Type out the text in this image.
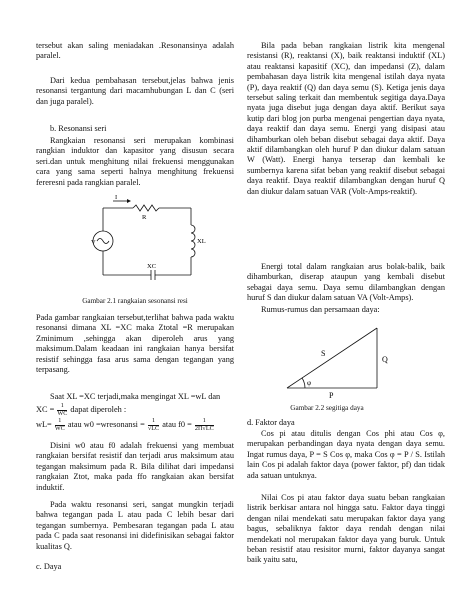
tersebut akan saling meniadakan .Resonansinya adalah paralel.

Dari kedua pembahasan tersebut,jelas bahwa jenis resonansi tergantung dari macamhubungan L dan C (seri dan juga paralel).

b. Resonansi seri

Rangkaian resonansi seri merupakan kombinasi rangkian induktor dan kapasitor yang disusun secara seri.dan untuk menghitung nilai frekuensi menggunakan cara yang sama seperti halnya menghitung frekuensi fereresni pada rangkian paralel.

I
R
V	XL
XC
Gambar 2.1 rangkaian sesonansi resi

Pada gambar rangkaian tersebut,terlihat bahwa pada waktu resonansi dimana XL =XC maka Ztotal =R merupakan Zminimum ,sehingga akan diperoleh arus yang maksimum.Dalam keadaan ini rangkaian hanya bersifat resistif sehingga fasa arus sama dengan tegangan yang terpasang.

Saat XL =XC terjadi,maka mengingat XL =wL dan

XC = $\frac{1}{WC}$ dapat diperoleh :
$wL= \frac{1}{WC}$ atau w0 =wresonansi = $\frac{1}{√LC}$ atau $f0 = \frac{1}{2\Pi√LC}$

Disini w0 atau f0 adalah frekuensi yang membuat rangkaian bersifat resistif dan terjadi arus maksimum atau tegangan maksimum pada R. Bila dilihat dari impedansi rangkaian Ztot, maka pada ffo rangkaian akan bersifat induktif.

Pada waktu resonansi seri, sangat mungkin terjadi bahwa tegangan pada L atau pada C lebih besar dari tegangan sumbernya. Pembesaran tegangan pada L atau pada C pada saat resonansi ini didefinisikan sebagai faktor kualitas Q.

c. Daya

Bila pada beban rangkaian listrik kita mengenal resistansi (R), reaktansi (X), baik reaktansi induktif (XL) atau reaktansi kapasitif (XC), dan impedansi (Z), dalam pembahasan daya listrik kita mengenal istilah daya nyata (P), daya reaktif (Q) dan daya semu (S). Ketiga jenis daya tersebut saling terkait dan membentuk segitiga daya.Daya nyata juga disebut juga dengan daya aktif. Berikut saya kutip dari blog jon purba mengenai pengertian daya nyata, daya reaktif dan daya semu. Energi yang disipasi atau dihamburkan oleh beban disebut sebagai daya aktif. Daya aktif dilambangkan oleh huruf P dan diukur dalam satuan W (Watt). Energi hanya terserap dan kembali ke sumbernya karena sifat beban yang reaktif disebut sebagai daya reaktif. Daya reaktif dilambangkan dengan huruf Q dan diukur dalam satuan VAR (Volt-Amps-reaktif).

Energi total dalam rangkaian arus bolak-balik, baik dihamburkan, diserap ataupun yang kembali disebut sebagai daya semu. Daya semu dilambangkan dengan huruf S dan diukur dalam satuan VA (Volt-Amps).

Rumus-rumus dan persamaan daya:

S
Q
P
φ
Gambar 2.2 segitiga daya

d. Faktor daya

Cos pi atau ditulis dengan Cos phi atau Cos φ, merupakan perbandingan daya nyata dengan daya semu. Ingat rumus daya, P = S Cos φ, maka Cos φ = P / S. Istilah lain Cos pi adalah faktor daya (power faktor, pf) dan tidak ada satuan untuknya.

Nilai Cos pi atau faktor daya suatu beban rangkaian listrik berkisar antara nol hingga satu. Faktor daya tinggi dengan nilai mendekati satu merupakan faktor daya yang bagus, sebaliknya faktor daya rendah dengan nilai mendekati nol merupakan faktor daya yang buruk. Untuk beban resistif atau resisitor murni, faktor dayanya sangat baik yaitu satu,
